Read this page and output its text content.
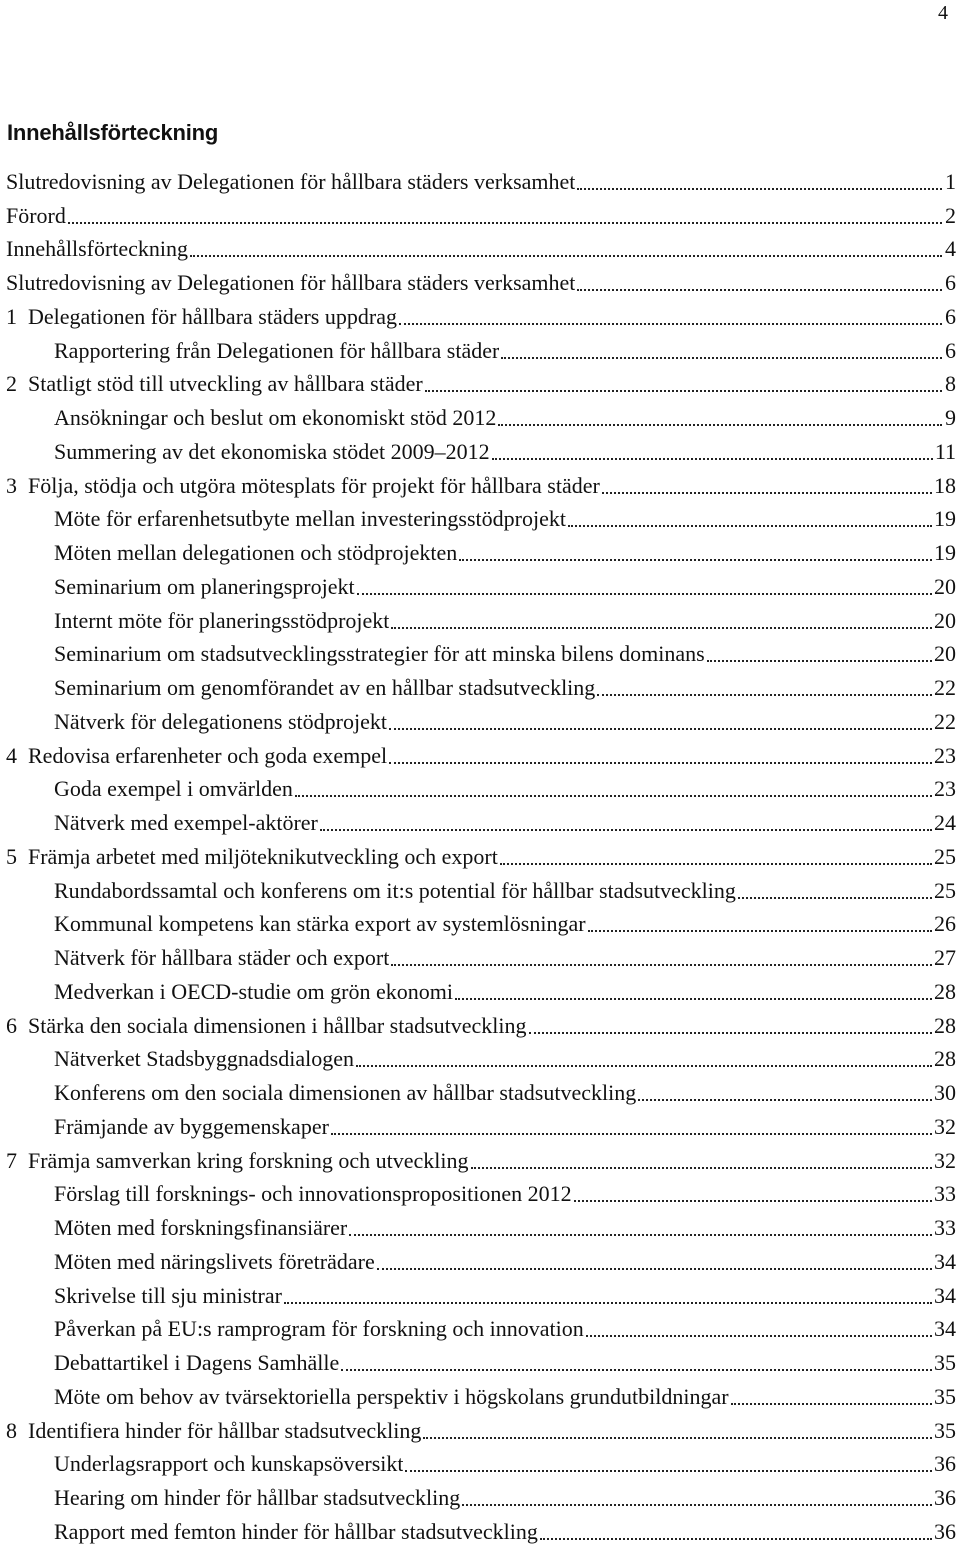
4
Innehållsförteckning
Slutredovisning av Delegationen för hållbara städers verksamhet	1
Förord	2
Innehållsförteckning	4
Slutredovisning av Delegationen för hållbara städers verksamhet	6
1 Delegationen för hållbara städers uppdrag	6
Rapportering från Delegationen för hållbara städer	6
2 Statligt stöd till utveckling av hållbara städer	8
Ansökningar och beslut om ekonomiskt stöd 2012	9
Summering av det ekonomiska stödet 2009–2012	11
3 Följa, stödja och utgöra mötesplats för projekt för hållbara städer	18
Möte för erfarenhetsutbyte mellan investeringsstödprojekt	19
Möten mellan delegationen och stödprojekten	19
Seminarium om planeringsprojekt	20
Internt möte för planeringsstödprojekt	20
Seminarium om stadsutvecklingsstrategier för att minska bilens dominans	20
Seminarium om genomförandet av en hållbar stadsutveckling	22
Nätverk för delegationens stödprojekt	22
4 Redovisa erfarenheter och goda exempel	23
Goda exempel i omvärlden	23
Nätverk med exempel-aktörer	24
5 Främja arbetet med miljöteknikutveckling och export	25
Rundabordssamtal och konferens om it:s potential för hållbar stadsutveckling	25
Kommunal kompetens kan stärka export av systemlösningar	26
Nätverk för hållbara städer och export	27
Medverkan i OECD-studie om grön ekonomi	28
6 Stärka den sociala dimensionen i hållbar stadsutveckling	28
Nätverket Stadsbyggnadsdialogen	28
Konferens om den sociala dimensionen av hållbar stadsutveckling	30
Främjande av byggemenskaper	32
7 Främja samverkan kring forskning och utveckling	32
Förslag till forsknings- och innovationspropositionen 2012	33
Möten med forskningsfinansiärer	33
Möten med näringslivets företrädare	34
Skrivelse till sju ministrar	34
Påverkan på EU:s ramprogram för forskning och innovation	34
Debattartikel i Dagens Samhälle	35
Möte om behov av tvärsektoriella perspektiv i högskolans grundutbildningar	35
8 Identifiera hinder för hållbar stadsutveckling	35
Underlagsrapport och kunskapsöversikt	36
Hearing om hinder för hållbar stadsutveckling	36
Rapport med femton hinder för hållbar stadsutveckling	36
